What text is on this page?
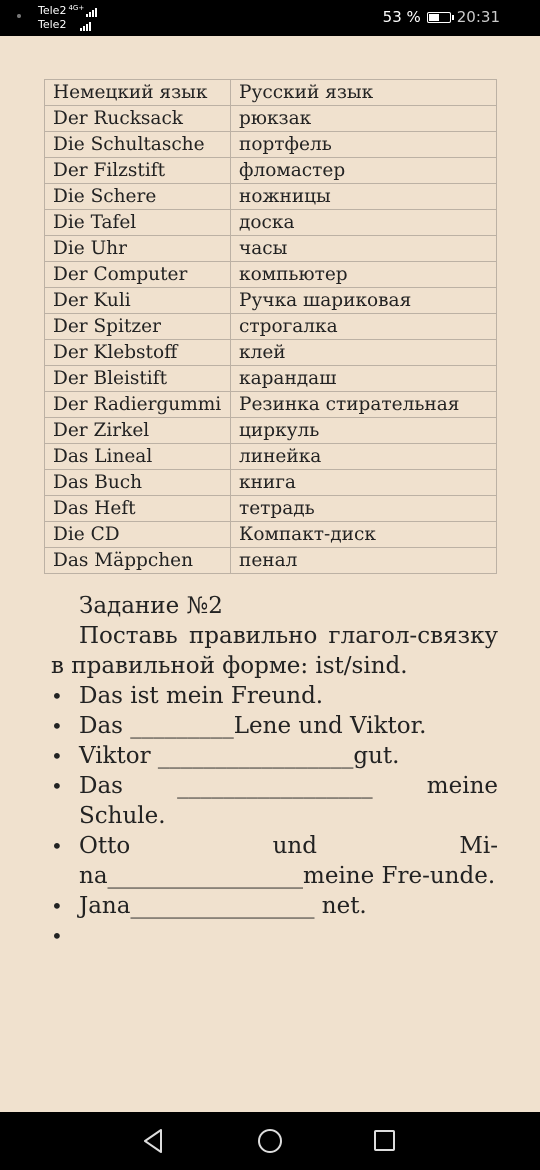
Tele2 4G+
Tele2	53 % 20:31
Немецкий язык	Русский язык
Der Rucksack	рюкзак
Die Schultasche	портфель
Der Filzstift	фломастер
Die Schere	ножницы
Die Tafel	доска
Die Uhr	часы
Der Computer	компьютер
Der Kuli	Ручка шариковая
Der Spitzer	строгалка
Der Klebstoff	клей
Der Bleistift	карандаш
Der Radiergummi	Резинка стирательная
Der Zirkel	циркуль
Das Lineal	линейка
Das Buch	книга
Das Heft	тетрадь
Die CD	Компакт-диск
Das Mäppchen	пенал
Задание №2

Поставь правильно глагол-связку в правильной форме: ist/sind.

• Das ist mein Freund.
• Das _________Lene und Viktor.
• Viktor _________________gut.
• Das _________________ meine Schule.
• Otto und Mi-na_________________meine Fre-unde.
• Jana________________ net.
•
